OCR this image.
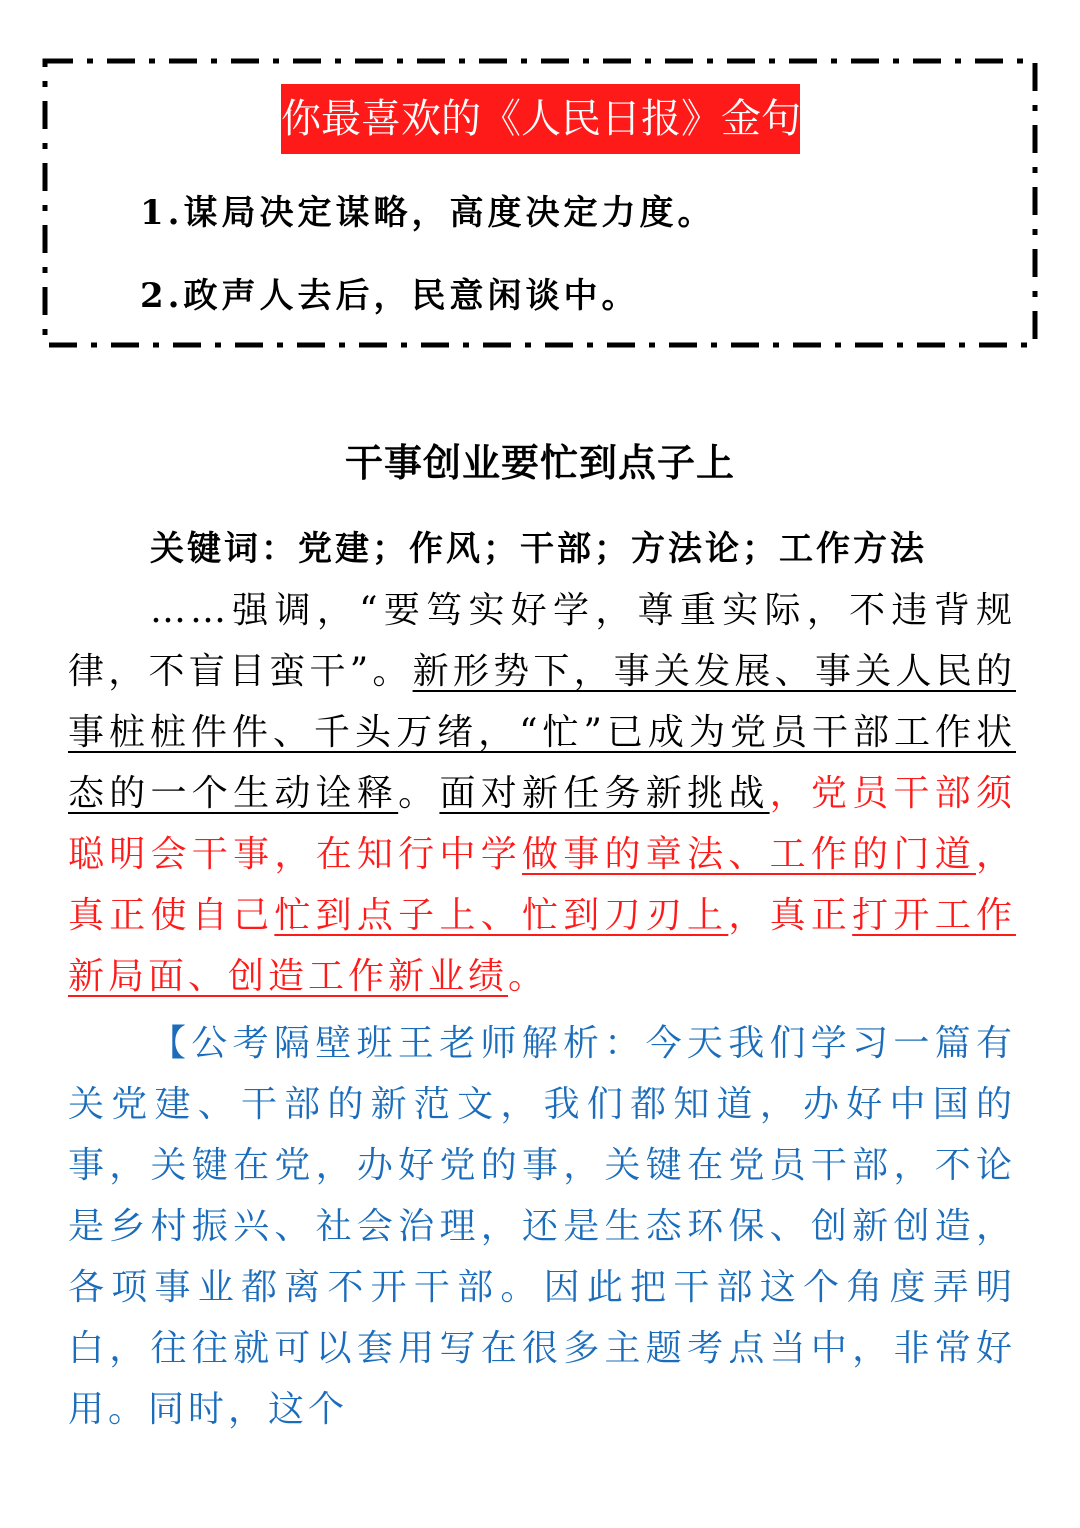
你最喜欢的《人民日报》金句
1.谋局决定谋略，高度决定力度。
2.政声人去后，民意闲谈中。
干事创业要忙到点子上
关键词：党建；作风；干部；方法论；工作方法
……强调，“要笃实好学，尊重实际，不违背规律，不盲目蛮干”。新形势下，事关发展、事关人民的事桩桩件件、千头万绪，“忙”已成为党员干部工作状态的一个生动诠释。面对新任务新挑战，党员干部须聪明会干事，在知行中学做事的章法、工作的门道，真正使自己忙到点子上、忙到刀刃上，真正打开工作新局面、创造工作新业绩。
【公考隔壁班王老师解析：今天我们学习一篇有关党建、干部的新范文，我们都知道，办好中国的事，关键在党，办好党的事，关键在党员干部，不论是乡村振兴、社会治理，还是生态环保、创新创造，各项事业都离不开干部。因此把干部这个角度弄明白，往往就可以套用写在很多主题考点当中，非常好用。同时，这个
